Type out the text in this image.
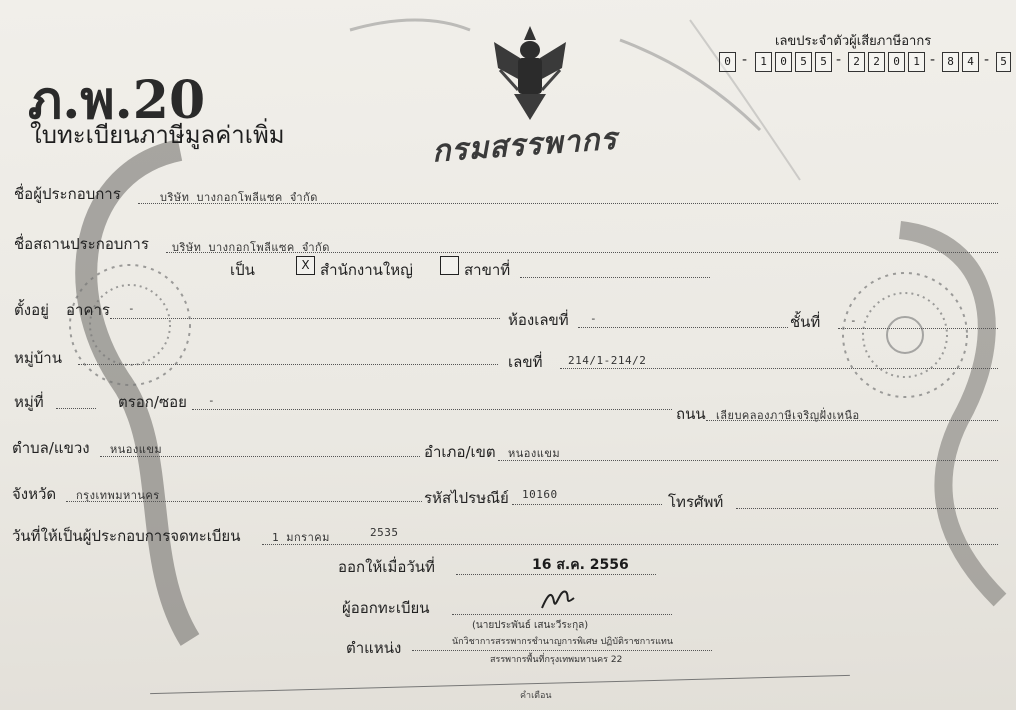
ภ.พ.20
ใบทะเบียนภาษีมูลค่าเพิ่ม	กรมสรรพากร
เลขประจำตัวผู้เสียภาษีอากร
0 -	1	0	5	5 -	2	2	0	1 -	8	4 -	5
ชื่อผู้ประกอบการ	บริษัท บางกอกโพลีแซค จำกัด
ชื่อสถานประกอบการ บริษัท บางกอกโพลีแซค จำกัด
เป็น	X สำนักงานใหญ่	สาขาที่
ตั้งอยู่ อาคาร -
ห้องเลขที่ -	ชั้นที่	-
หมู่บ้าน	เลขที่ 214/1-214/2
หมู่ที่	ตรอก/ซอย -
ถนน เลียบคลองภาษีเจริญฝั่งเหนือ
ตำบล/แขวง หนองแขม	อำเภอ/เขต หนองแขม
จังหวัด กรุงเทพมหานคร	รหัสไปรษณีย์ 10160	โทรศัพท์
วันที่ให้เป็นผู้ประกอบการจดทะเบียน	1 มกราคม	2535
ออกให้เมื่อวันที่	16 ส.ค. 2556
ผู้ออกทะเบียน
(นายประพันธ์ เสนะวีระกุล)
ตำแหน่ง	นักวิชาการสรรพากรชำนาญการพิเศษ ปฏิบัติราชการแทน
สรรพากรพื้นที่กรุงเทพมหานคร 22
คำเตือน
